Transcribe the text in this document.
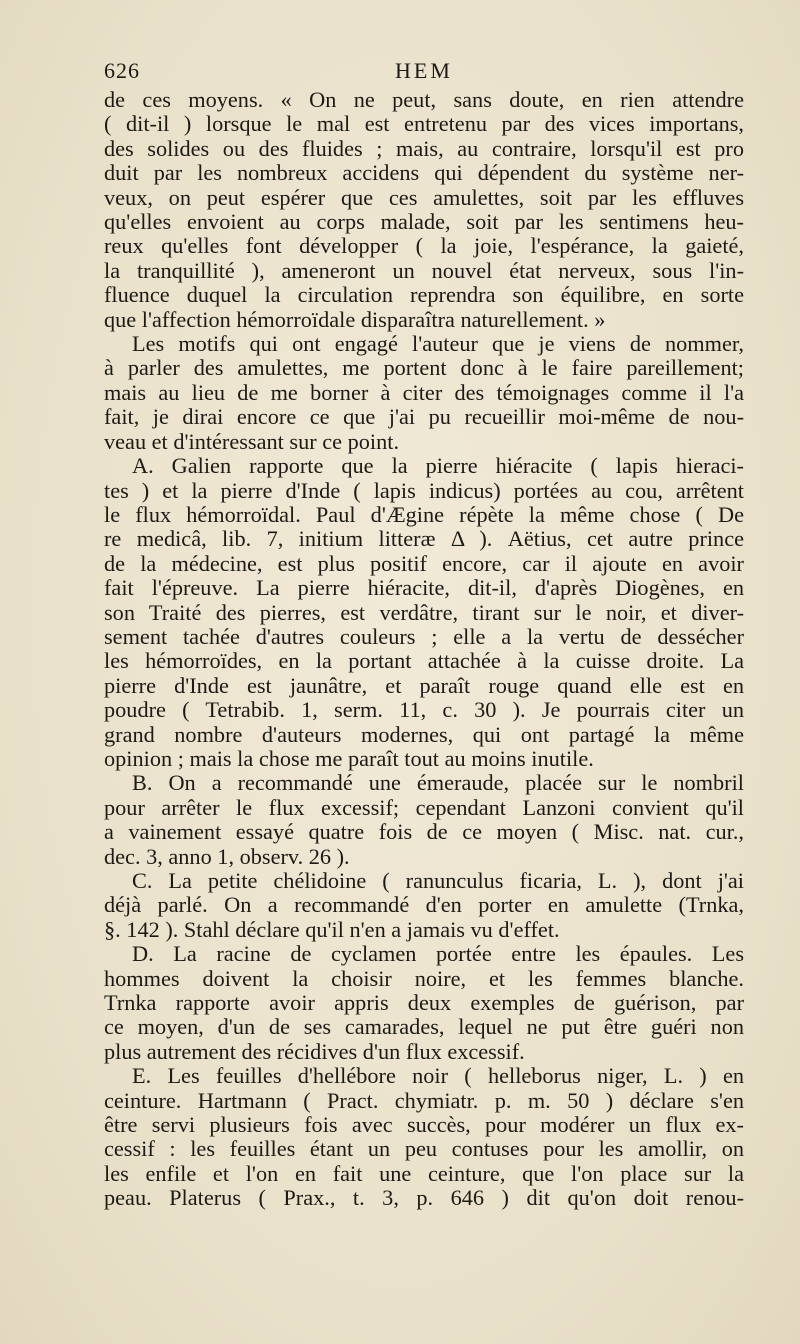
626	HEM
de ces moyens. « On ne peut, sans doute, en rien attendre
( dit-il ) lorsque le mal est entretenu par des vices importans,
des solides ou des fluides ; mais, au contraire, lorsqu'il est pro
duit par les nombreux accidens qui dépendent du système ner-
veux, on peut espérer que ces amulettes, soit par les effluves
qu'elles envoient au corps malade, soit par les sentimens heu-
reux qu'elles font développer ( la joie, l'espérance, la gaieté,
la tranquillité ), ameneront un nouvel état nerveux, sous l'in-
fluence duquel la circulation reprendra son équilibre, en sorte
que l'affection hémorroïdale disparaîtra naturellement. »
Les motifs qui ont engagé l'auteur que je viens de nommer,
à parler des amulettes, me portent donc à le faire pareillement;
mais au lieu de me borner à citer des témoignages comme il l'a
fait, je dirai encore ce que j'ai pu recueillir moi-même de nou-
veau et d'intéressant sur ce point.
A. Galien rapporte que la pierre hiéracite ( lapis hieraci-
tes ) et la pierre d'Inde ( lapis indicus) portées au cou, arrêtent
le flux hémorroïdal. Paul d'Ægine répète la même chose ( De
re medicâ, lib. 7, initium litteræ Δ ). Aëtius, cet autre prince
de la médecine, est plus positif encore, car il ajoute en avoir
fait l'épreuve. La pierre hiéracite, dit-il, d'après Diogènes, en
son Traité des pierres, est verdâtre, tirant sur le noir, et diver-
sement tachée d'autres couleurs ; elle a la vertu de dessécher
les hémorroïdes, en la portant attachée à la cuisse droite. La
pierre d'Inde est jaunâtre, et paraît rouge quand elle est en
poudre ( Tetrabib. 1, serm. 11, c. 30 ). Je pourrais citer un
grand nombre d'auteurs modernes, qui ont partagé la même
opinion ; mais la chose me paraît tout au moins inutile.
B. On a recommandé une émeraude, placée sur le nombril
pour arrêter le flux excessif; cependant Lanzoni convient qu'il
a vainement essayé quatre fois de ce moyen ( Misc. nat. cur.,
dec. 3, anno 1, observ. 26 ).
C. La petite chélidoine ( ranunculus ficaria, L. ), dont j'ai
déjà parlé. On a recommandé d'en porter en amulette (Trnka,
§. 142 ). Stahl déclare qu'il n'en a jamais vu d'effet.
D. La racine de cyclamen portée entre les épaules. Les
hommes doivent la choisir noire, et les femmes blanche.
Trnka rapporte avoir appris deux exemples de guérison, par
ce moyen, d'un de ses camarades, lequel ne put être guéri non
plus autrement des récidives d'un flux excessif.
E. Les feuilles d'hellébore noir ( helleborus niger, L. ) en
ceinture. Hartmann ( Pract. chymiatr. p. m. 50 ) déclare s'en
être servi plusieurs fois avec succès, pour modérer un flux ex-
cessif : les feuilles étant un peu contuses pour les amollir, on
les enfile et l'on en fait une ceinture, que l'on place sur la
peau. Platerus ( Prax., t. 3, p. 646 ) dit qu'on doit renou-
